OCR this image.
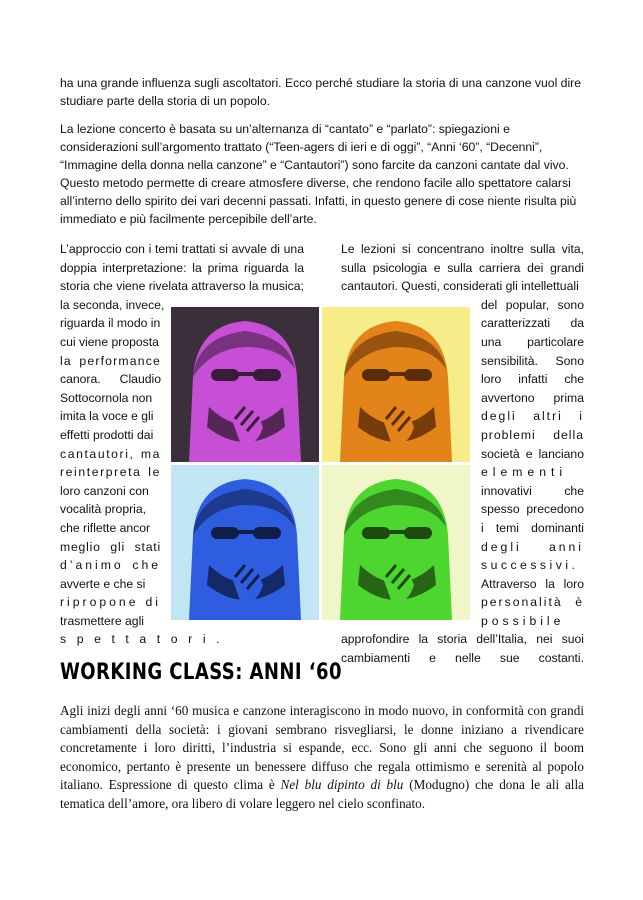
ha una grande influenza sugli ascoltatori. Ecco perché studiare la storia di una canzone vuol dire studiare parte della storia di un popolo.

La lezione concerto è basata su un’alternanza di “cantato” e “parlato”: spiegazioni e considerazioni sull’argomento trattato (“Teen-agers di ieri e di oggi”, “Anni ‘60”, “Decenni”, “Immagine della donna nella canzone” e “Cantautori”) sono farcite da canzoni cantate dal vivo. Questo metodo permette di creare atmosfere diverse, che rendono facile allo spettatore calarsi all’interno dello spirito dei vari decenni passati. Infatti, in questo genere di cose niente risulta più immediato e più facilmente percepibile dell’arte.

L’approccio con i temi trattati si avvale di una
doppia interpretazione: la prima riguarda la
storia che viene rivelata attraverso la musica;
la seconda, invece,
riguarda il modo in
cui viene proposta
la performance
canora. Claudio
Sottocornola non
imita la voce e gli
effetti prodotti dai
cantautori, ma
reinterpreta le
loro canzoni con
vocalità propria,
che riflette ancor
meglio gli stati
d’animo che
avverte e che si
ripropone di
trasmettere agli
spettatori.
Le lezioni si concentrano inoltre sulla vita,
sulla psicologia e sulla carriera dei grandi
cantautori. Questi, considerati gli intellettuali
del popular, sono
caratterizzati da
una particolare
sensibilità. Sono
loro infatti che
avvertono prima
degli altri i
problemi della
società e lanciano
elementi
innovativi che
spesso precedono
i temi dominanti
degli anni
successivi.
Attraverso la loro
personalità è
possibile
approfondire la storia dell’Italia, nei suoi
cambiamenti e nelle sue costanti.
WORKING CLASS: ANNI ‘60

Agli inizi degli anni ‘60 musica e canzone interagiscono in modo nuovo, in conformità con grandi cambiamenti della società: i giovani sembrano risvegliarsi, le donne iniziano a rivendicare concretamente i loro diritti, l’industria si espande, ecc. Sono gli anni che seguono il boom economico, pertanto è presente un benessere diffuso che regala ottimismo e serenità al popolo italiano. Espressione di questo clima è Nel blu dipinto di blu (Modugno) che dona le ali alla tematica dell’amore, ora libero di volare leggero nel cielo sconfinato.
